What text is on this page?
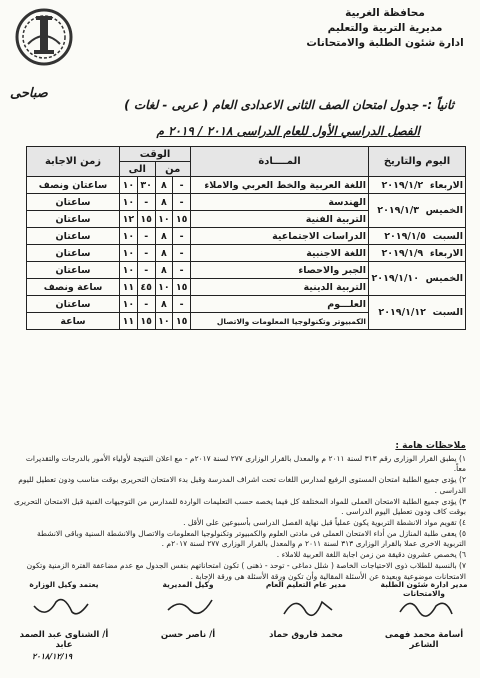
محافظة الغربية
مديرية التربية والتعليم
ادارة شئون الطلبة والامتحانات
صباحى
ثانياً :- جدول امتحان الصف الثانى الاعدادى العام ( عربى - لغات )
الفصل الدراسي الأول للعام الدراسى ٢٠١٨ / ٢٠١٩ م
اليوم والتاريخ	المــــادة	الوقت				زمن الاجابة
		من		الى		
الاربعاء  ٢٠١٩/١/٢	اللغة العربية والخط العربي والاملاء	-	٨	٣٠	١٠	ساعتان ونصف
الخميس  ٢٠١٩/١/٣	الهندسة	-	٨	-	١٠	ساعتان
	التربية الفنية	١٥	١٠	١٥	١٢	ساعتان
السبت  ٢٠١٩/١/٥	الدراسات الاجتماعية	-	٨	-	١٠	ساعتان
الاربعاء  ٢٠١٩/١/٩	اللغة الاجنبية	-	٨	-	١٠	ساعتان
الخميس  ٢٠١٩/١/١٠	الجبر والاحصاء	-	٨	-	١٠	ساعتان
	التربية الدينية	١٥	١٠	٤٥	١١	ساعة ونصف
السبت  ٢٠١٩/١/١٢	العلـــوم	-	٨	-	١٠	ساعتان
	الكمبيوتر وتكنولوجيا المعلومات والاتصال	١٥	١٠	١٥	١١	ساعة
ملاحظات هامة :

١) يطبق القرار الوزارى رقم ٣١٣ لسنة ٢٠١١ م والمعدل بالقرار الوزارى ٢٧٧ لسنة ٢٠١٧م - مع اعلان النتيجة لأولياء الأمور بالدرجات والتقديرات معاً.

٢) يؤدى جميع الطلبة امتحان المستوى الرفيع لمدارس اللغات تحت اشراف المدرسة وقبل بدء الامتحان التحريرى بوقت مناسب ودون تعطيل لليوم الدراسى .

٣) يؤدى جميع الطلبة الامتحان العملى للمواد المختلفة كل فيما يخصه حسب التعليمات الواردة للمدارس من التوجيهات الفنية قبل الامتحان التحريرى بوقت كاف ودون تعطيل اليوم الدراسى .

٤) تقويم مواد الانشطة التربوية يكون عملياً قبل نهاية الفصل الدراسى بأسبوعين على الأقل .

٥) يعفى طلبة المنازل من أداء الامتحان العملى فى مادتى العلوم والكمبيوتر وتكنولوجيا المعلومات والاتصال والانشطة السنية وباقى الانشطة التربوية الاخرى عملا بالقرار الوزارى ٣١٣ لسنة ٢٠١١ م والمعدل بالقرار الوزارى ٢٧٧ لسنة ٢٠١٧م .

٦) يخصص عشرون دقيقة من زمن اجابة اللغة العربية للاملاء .

٧) بالنسبة للطلاب ذوى الاحتياجات الخاصة ( شلل دماغى - توحد - ذهنى ) تكون امتحاناتهم بنفس الجدول مع عدم مضاعفة الفترة الزمنية وتكون الامتحانات موضوعية وبعيدة عن الأسئلة المقالية وأن تكون ورقة الأسئلة هى ورقة الإجابة .

مدير ادارة شئون الطلبة والامتحانات
أسامة محمد فهمى الشاعر
مدير عام التعليم العام
محمد فاروق حماد
وكيل المديرية
أ/ ناصر حسن
يعتمد وكيل الوزارة
أ/ الشناوى عبد الصمد عابد
٢٠١٨/١٢/١٩
